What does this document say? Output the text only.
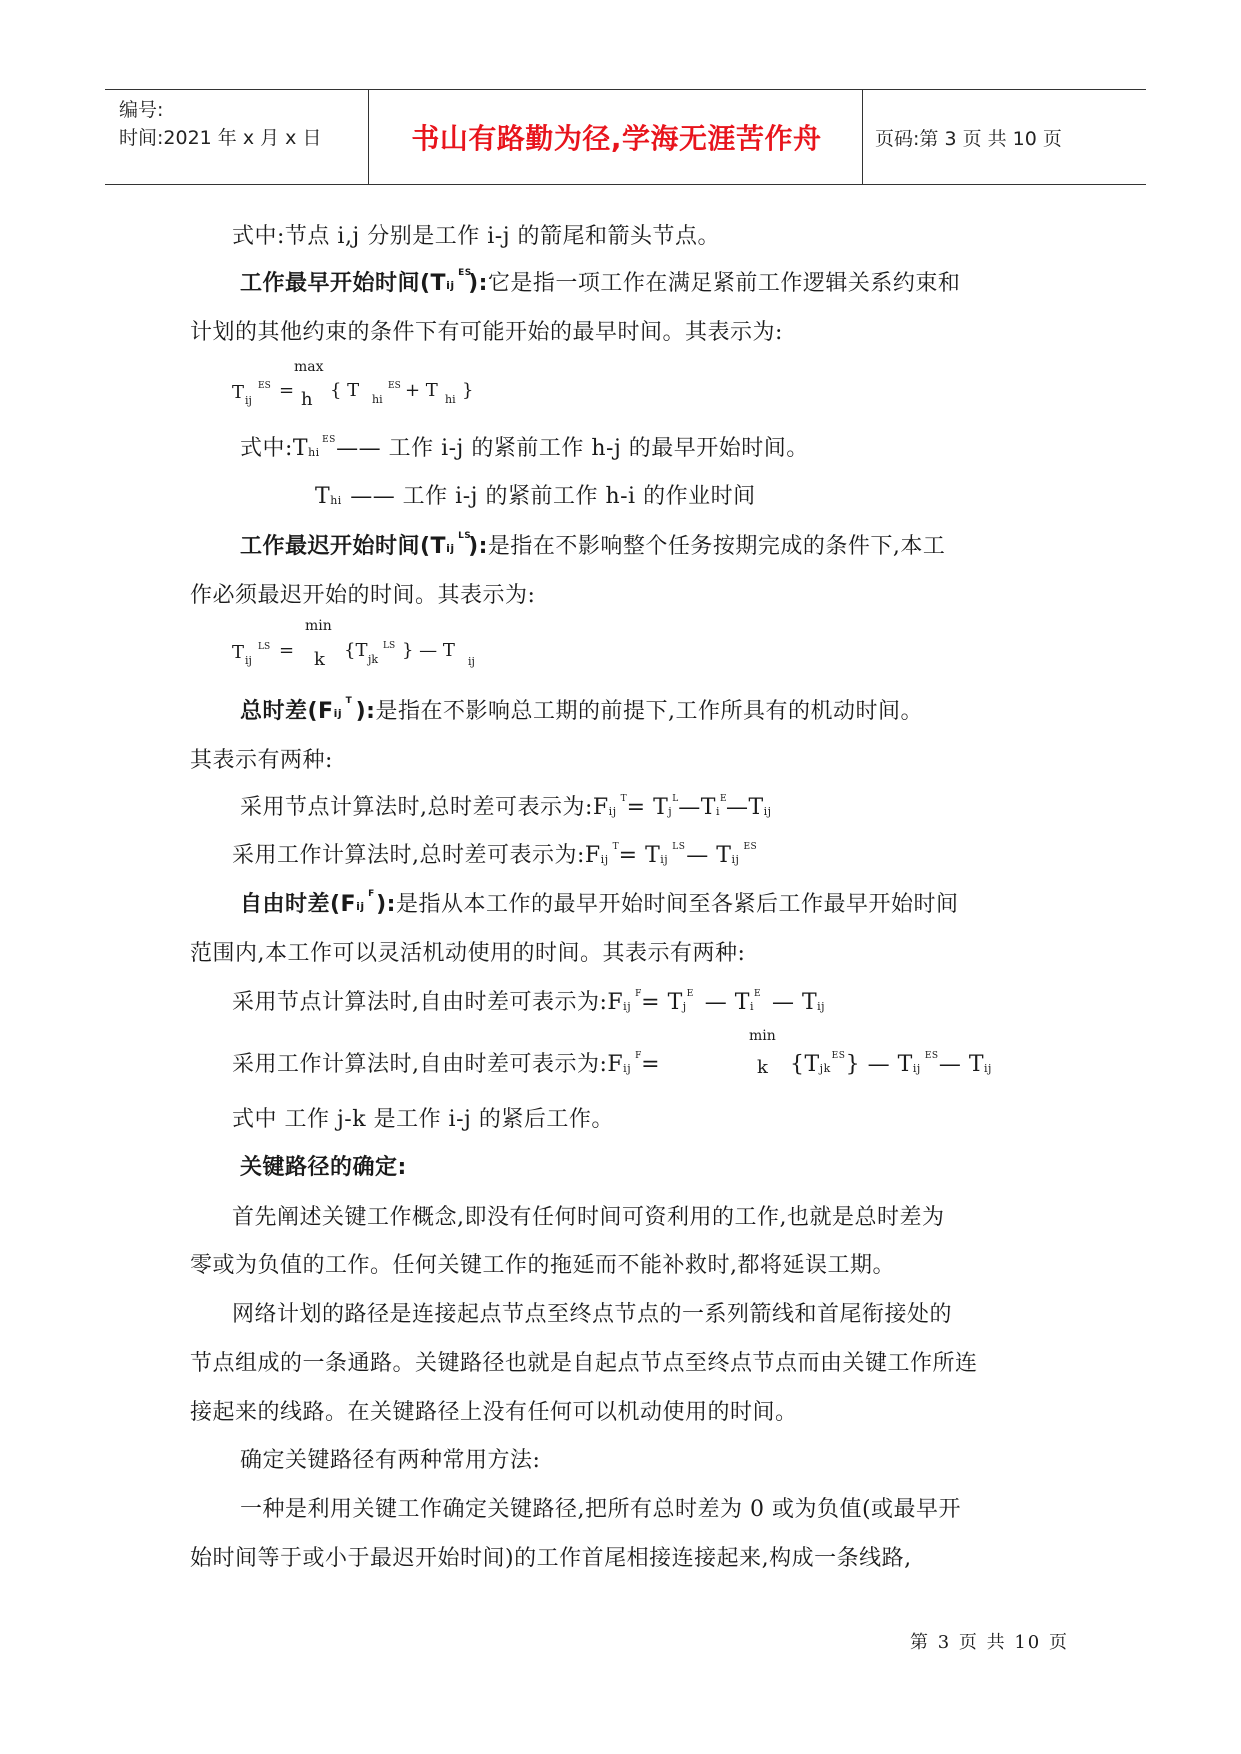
编号:
时间:2021 年 x 月 x 日	书山有路勤为径,学海无涯苦作舟	页码:第 3 页 共 10 页
式中:节点 i,j 分别是工作 i-j 的箭尾和箭头节点。
工作最早开始时间(T ij
ES
):它是指一项工作在满足紧前工作逻辑关系约束和
计划的其他约束的条件下有可能开始的最早时间。其表示为:
T ij
ES =
max
h { T hi
ES + T hi }
式中:T hi
ES —— 工作 i-j 的紧前工作 h-j 的最早开始时间。
T hi —— 工作 i-j 的紧前工作 h-i 的作业时间
工作最迟开始时间(T ij
LS
):是指在不影响整个任务按期完成的条件下,本工
作必须最迟开始的时间。其表示为:
T ij
LS =
min
k {T jk
LS } — T
ij
总时差(F ij
T ):是指在不影响总工期的前提下,工作所具有的机动时间。
其表示有两种:
采用节点计算法时,总时差可表示为:F ij
T = T j
L —T i
E
—T ij
采用工作计算法时,总时差可表示为:F ij
T = T ij
LS — T ij
ES
自由时差(F ij
F ):是指从本工作的最早开始时间至各紧后工作最早开始时间
范围内,本工作可以灵活机动使用的时间。其表示有两种:
采用节点计算法时,自由时差可表示为:F ij
F = T j
E — T i
E — T ij
采用工作计算法时,自由时差可表示为:F ij
F =
min
k {T jk
ES } — T ij
ES — T ij
式中 工作 j-k 是工作 i-j 的紧后工作。
关键路径的确定:
首先阐述关键工作概念,即没有任何时间可资利用的工作,也就是总时差为
零或为负值的工作。任何关键工作的拖延而不能补救时,都将延误工期。
网络计划的路径是连接起点节点至终点节点的一系列箭线和首尾衔接处的
节点组成的一条通路。关键路径也就是自起点节点至终点节点而由关键工作所连
接起来的线路。在关键路径上没有任何可以机动使用的时间。
确定关键路径有两种常用方法:
一种是利用关键工作确定关键路径,把所有总时差为 0 或为负值(或最早开
始时间等于或小于最迟开始时间)的工作首尾相接连接起来,构成一条线路,
第 3 页 共 10 页
